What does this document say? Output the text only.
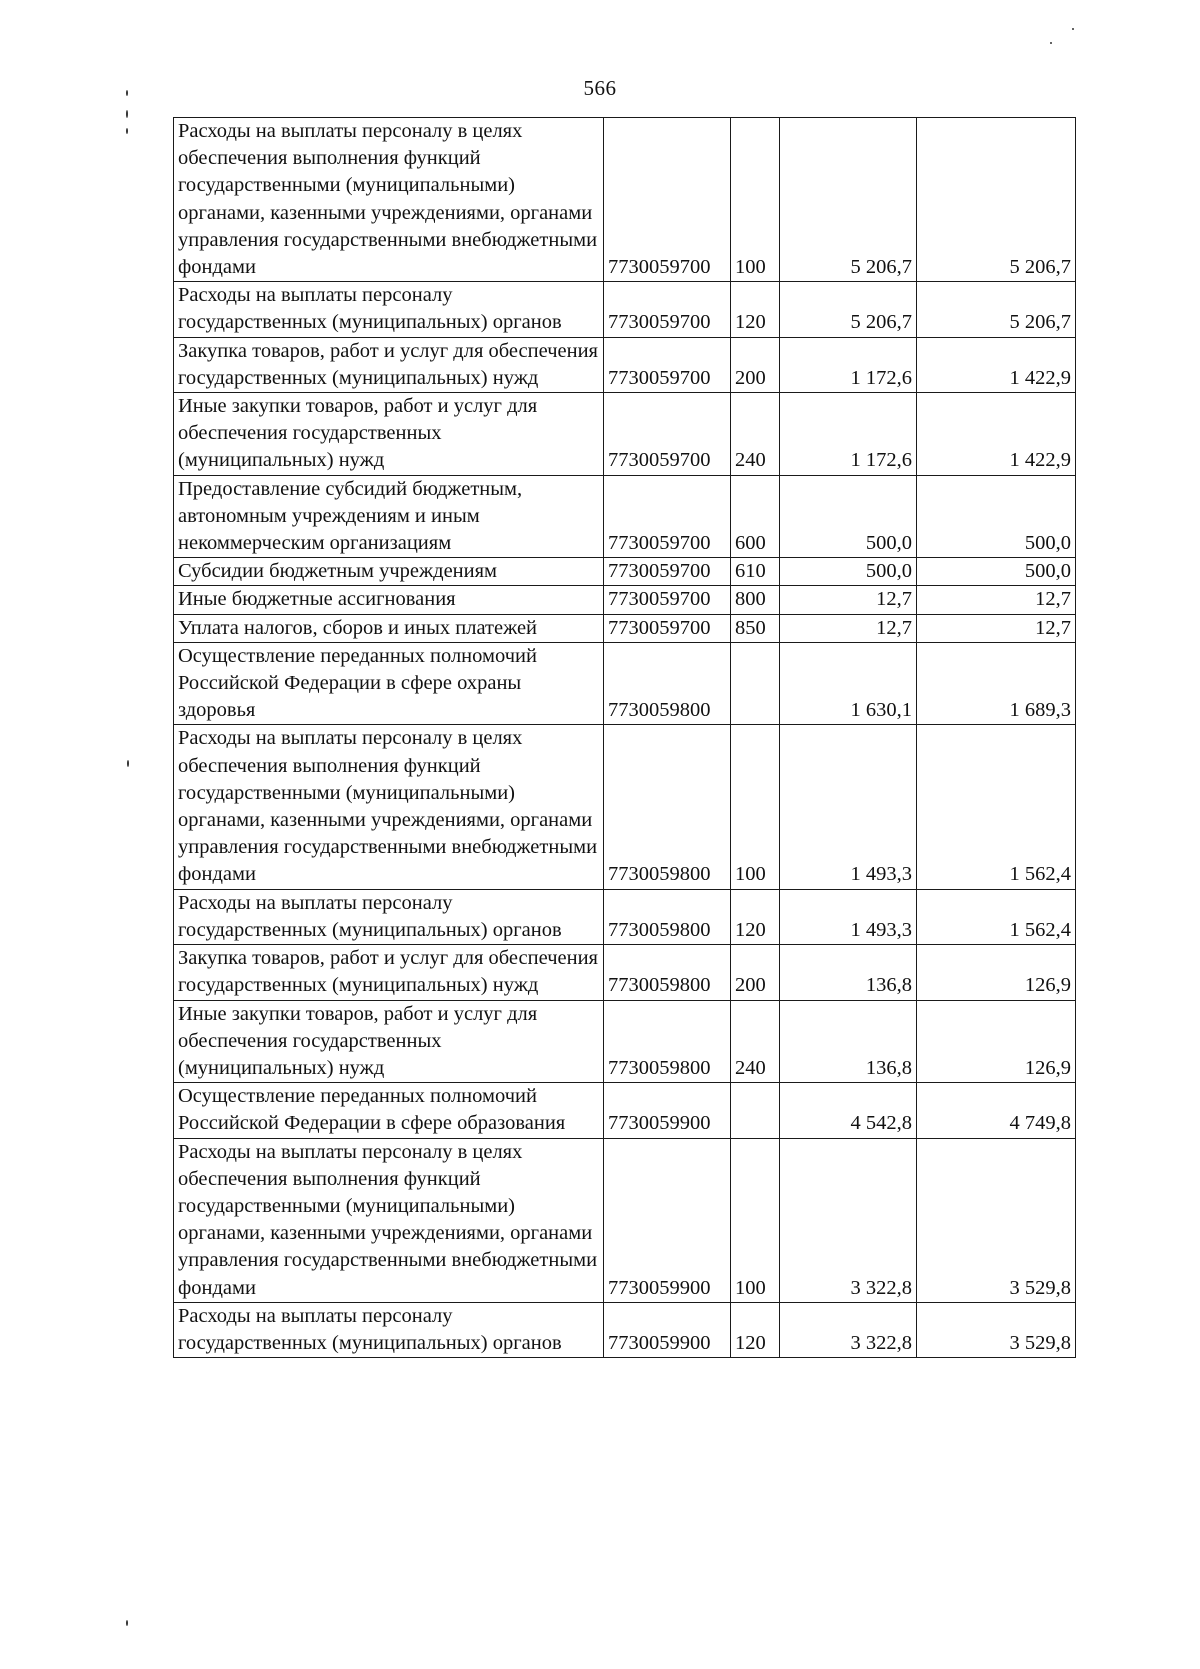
566
Расходы на выплаты персоналу в целях обеспечения выполнения функций государственными (муниципальными) органами, казенными учреждениями, органами управления государственными внебюджетными фондами	7730059700	100	5 206,7	5 206,7
Расходы на выплаты персоналу государственных (муниципальных) органов	7730059700	120	5 206,7	5 206,7
Закупка товаров, работ и услуг для обеспечения государственных (муниципальных) нужд	7730059700	200	1 172,6	1 422,9
Иные закупки товаров, работ и услуг для обеспечения государственных (муниципальных) нужд	7730059700	240	1 172,6	1 422,9
Предоставление субсидий бюджетным, автономным учреждениям и иным некоммерческим организациям	7730059700	600	500,0	500,0
Субсидии бюджетным учреждениям	7730059700	610	500,0	500,0
Иные бюджетные ассигнования	7730059700	800	12,7	12,7
Уплата налогов, сборов и иных платежей	7730059700	850	12,7	12,7
Осуществление переданных полномочий Российской Федерации в сфере охраны здоровья	7730059800		1 630,1	1 689,3
Расходы на выплаты персоналу в целях обеспечения выполнения функций государственными (муниципальными) органами, казенными учреждениями, органами управления государственными внебюджетными фондами	7730059800	100	1 493,3	1 562,4
Расходы на выплаты персоналу государственных (муниципальных) органов	7730059800	120	1 493,3	1 562,4
Закупка товаров, работ и услуг для обеспечения государственных (муниципальных) нужд	7730059800	200	136,8	126,9
Иные закупки товаров, работ и услуг для обеспечения государственных (муниципальных) нужд	7730059800	240	136,8	126,9
Осуществление переданных полномочий Российской Федерации в сфере образования	7730059900		4 542,8	4 749,8
Расходы на выплаты персоналу в целях обеспечения выполнения функций государственными (муниципальными) органами, казенными учреждениями, органами управления государственными внебюджетными фондами	7730059900	100	3 322,8	3 529,8
Расходы на выплаты персоналу государственных (муниципальных) органов	7730059900	120	3 322,8	3 529,8
